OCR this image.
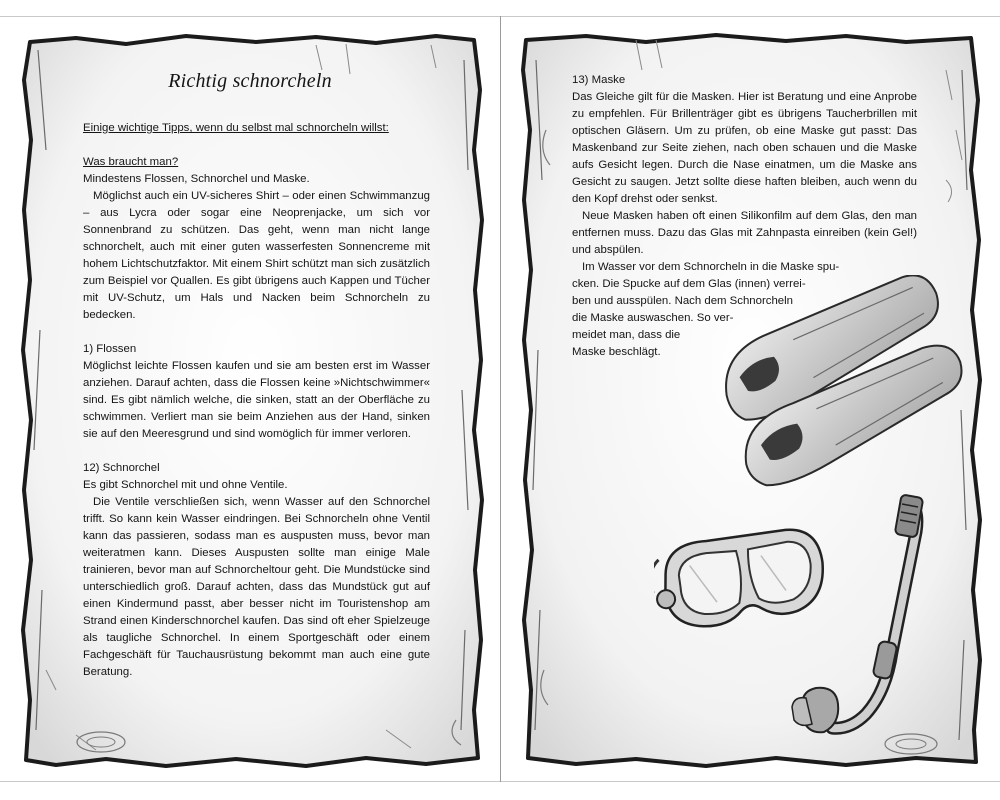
Richtig schnorcheln

Einige wichtige Tipps, wenn du selbst mal schnorcheln willst:

Was braucht man?

Mindestens Flossen, Schnorchel und Maske.

Möglichst auch ein UV-sicheres Shirt – oder einen Schwimmanzug – aus Lycra oder sogar eine Neoprenjacke, um sich vor Sonnenbrand zu schützen. Das geht, wenn man nicht lange schnorchelt, auch mit einer guten wasserfesten Sonnencreme mit hohem Lichtschutzfaktor. Mit einem Shirt schützt man sich zusätzlich zum Beispiel vor Quallen. Es gibt übrigens auch Kappen und Tücher mit UV-Schutz, um Hals und Nacken beim Schnorcheln zu bedecken.

1) Flossen

Möglichst leichte Flossen kaufen und sie am besten erst im Wasser anziehen. Darauf achten, dass die Flossen keine »Nichtschwimmer« sind. Es gibt nämlich welche, die sinken, statt an der Oberfläche zu schwimmen. Verliert man sie beim Anziehen aus der Hand, sinken sie auf den Meeresgrund und sind womöglich für immer verloren.

12) Schnorchel

Es gibt Schnorchel mit und ohne Ventile.

Die Ventile verschließen sich, wenn Wasser auf den Schnorchel trifft. So kann kein Wasser eindringen. Bei Schnorcheln ohne Ventil kann das passieren, sodass man es auspusten muss, bevor man weiteratmen kann. Dieses Auspusten sollte man einige Male trainieren, bevor man auf Schnorcheltour geht. Die Mundstücke sind unterschiedlich groß. Darauf achten, dass das Mundstück gut auf einen Kindermund passt, aber besser nicht im Touristenshop am Strand einen Kinderschnorchel kaufen. Das sind oft eher Spielzeuge als taugliche Schnorchel. In einem Sportgeschäft oder einem Fachgeschäft für Tauchausrüstung bekommt man auch eine gute Beratung.

13) Maske

Das Gleiche gilt für die Masken. Hier ist Beratung und eine Anprobe zu empfehlen. Für Brillenträger gibt es übrigens Taucherbrillen mit optischen Gläsern. Um zu prüfen, ob eine Maske gut passt: Das Maskenband zur Seite ziehen, nach oben schauen und die Maske aufs Gesicht legen. Durch die Nase einatmen, um die Maske ans Gesicht zu saugen. Jetzt sollte diese haften bleiben, auch wenn du den Kopf drehst oder senkst.

Neue Masken haben oft einen Silikonfilm auf dem Glas, den man entfernen muss. Dazu das Glas mit Zahnpasta einreiben (kein Gel!) und abspülen.

Im Wasser vor dem Schnorcheln in die Maske spu-

cken. Die Spucke auf dem Glas (innen) verrei-

ben und ausspülen. Nach dem Schnorcheln

die Maske auswaschen. So ver-

meidet man, dass die

Maske beschlägt.
